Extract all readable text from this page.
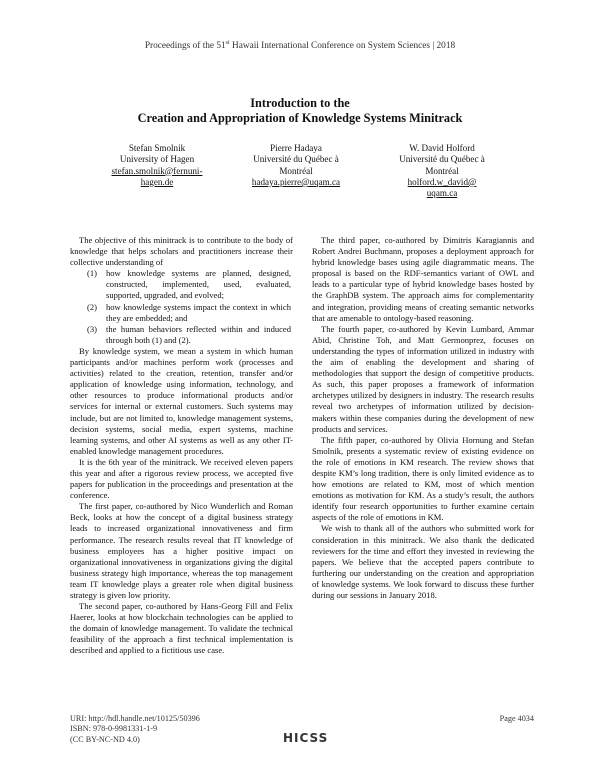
Proceedings of the 51st Hawaii International Conference on System Sciences | 2018
Introduction to the
Creation and Appropriation of Knowledge Systems Minitrack
Stefan Smolnik
University of Hagen
stefan.smolnik@fernuni-
hagen.de
Pierre Hadaya
Université du Québec à
Montréal
hadaya.pierre@uqam.ca
W. David Holford
Université du Québec à
Montréal
holford.w_david@
uqam.ca

The objective of this minitrack is to contribute to the body of knowledge that helps scholars and practitioners increase their collective understanding of

(1) how knowledge systems are planned, designed, constructed, implemented, used, evaluated, supported, upgraded, and evolved;
(2) how knowledge systems impact the context in which they are embedded; and
(3) the human behaviors reflected within and induced through both (1) and (2).

By knowledge system, we mean a system in which human participants and/or machines perform work (processes and activities) related to the creation, retention, transfer and/or application of knowledge using information, technology, and other resources to produce informational products and/or services for internal or external customers. Such systems may include, but are not limited to, knowledge management systems, decision systems, social media, expert systems, machine learning systems, and other AI systems as well as any other IT-enabled knowledge management procedures.

It is the 6th year of the minitrack. We received eleven papers this year and after a rigorous review process, we accepted five papers for publication in the proceedings and presentation at the conference.

The first paper, co-authored by Nico Wunderlich and Roman Beck, looks at how the concept of a digital business strategy leads to increased organizational innovativeness and firm performance. The research results reveal that IT knowledge of business employees has a higher positive impact on organizational innovativeness in organizations giving the digital business strategy high importance, whereas the top management team IT knowledge plays a greater role when digital business strategy is given low priority.

The second paper, co-authored by Hans-Georg Fill and Felix Haerer, looks at how blockchain technologies can be applied to the domain of knowledge management. To validate the technical feasibility of the approach a first technical implementation is described and applied to a fictitious use case.

The third paper, co-authored by Dimitris Karagiannis and Robert Andrei Buchmann, proposes a deployment approach for hybrid knowledge bases using agile diagrammatic means. The proposal is based on the RDF-semantics variant of OWL and leads to a particular type of hybrid knowledge bases hosted by the GraphDB system. The approach aims for complementarity and integration, providing means of creating semantic networks that are amenable to ontology-based reasoning.

The fourth paper, co-authored by Kevin Lumbard, Ammar Abid, Christine Toh, and Matt Germonprez, focuses on understanding the types of information utilized in industry with the aim of enabling the development and sharing of methodologies that support the design of competitive products. As such, this paper proposes a framework of information archetypes utilized by designers in industry. The research results reveal two archetypes of information utilized by decision-makers within these companies during the development of new products and services.

The fifth paper, co-authored by Olivia Hornung and Stefan Smolnik, presents a systematic review of existing evidence on the role of emotions in KM research. The review shows that despite KM’s long tradition, there is only limited evidence as to how emotions are related to KM, most of which mention emotions as motivation for KM. As a study’s result, the authors identify four research opportunities to further examine certain aspects of the role of emotions in KM.

We wish to thank all of the authors who submitted work for consideration in this minitrack. We also thank the dedicated reviewers for the time and effort they invested in reviewing the papers. We believe that the accepted papers contribute to furthering our understanding on the creation and appropriation of knowledge systems. We look forward to discuss these further during our sessions in January 2018.

URI: http://hdl.handle.net/10125/50396
ISBN: 978-0-9981331-1-9
(CC BY-NC-ND 4.0)
Page 4034
HICSS
